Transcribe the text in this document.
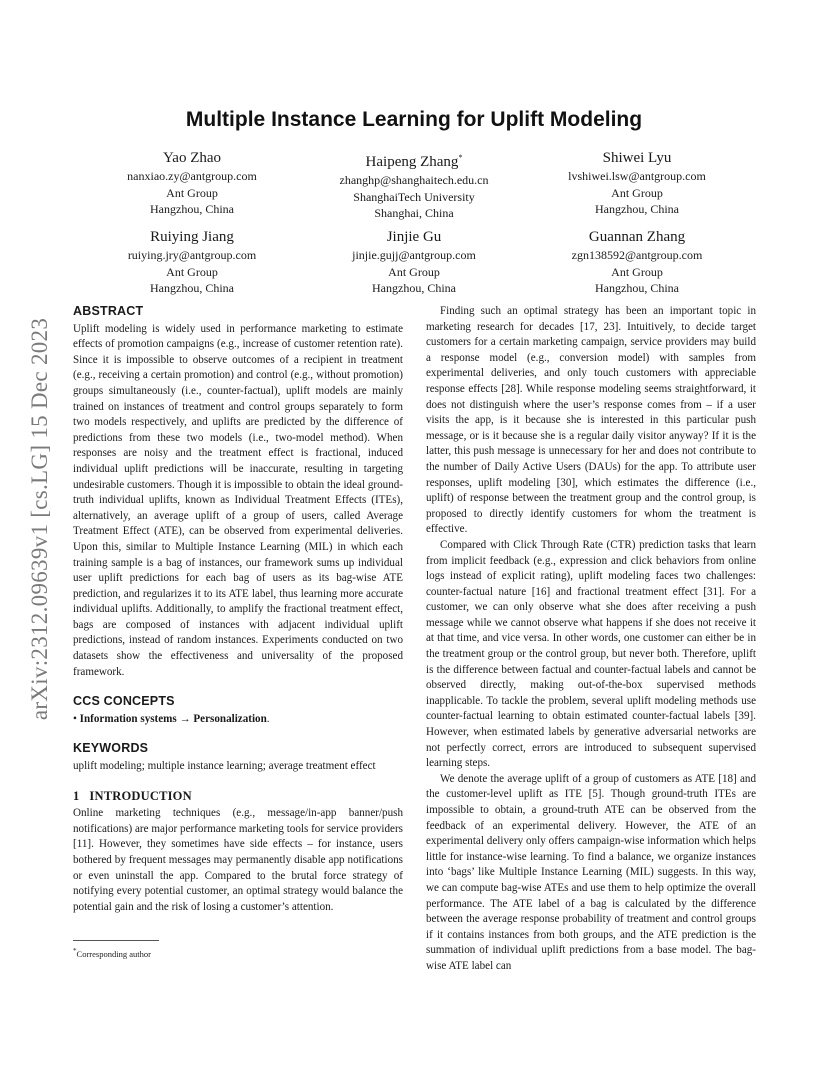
arXiv:2312.09639v1 [cs.LG] 15 Dec 2023
Multiple Instance Learning for Uplift Modeling
Yao Zhao
nanxiao.zy@antgroup.com
Ant Group
Hangzhou, China
Haipeng Zhang*
zhanghp@shanghaitech.edu.cn
ShanghaiTech University
Shanghai, China
Shiwei Lyu
lvshiwei.lsw@antgroup.com
Ant Group
Hangzhou, China
Ruiying Jiang
ruiying.jry@antgroup.com
Ant Group
Hangzhou, China
Jinjie Gu
jinjie.gujj@antgroup.com
Ant Group
Hangzhou, China
Guannan Zhang
zgn138592@antgroup.com
Ant Group
Hangzhou, China
ABSTRACT

Uplift modeling is widely used in performance marketing to estimate effects of promotion campaigns (e.g., increase of customer retention rate). Since it is impossible to observe outcomes of a recipient in treatment (e.g., receiving a certain promotion) and control (e.g., without promotion) groups simultaneously (i.e., counter-factual), uplift models are mainly trained on instances of treatment and control groups separately to form two models respectively, and uplifts are predicted by the difference of predictions from these two models (i.e., two-model method). When responses are noisy and the treatment effect is fractional, induced individual uplift predictions will be inaccurate, resulting in targeting undesirable customers. Though it is impossible to obtain the ideal ground-truth individual uplifts, known as Individual Treatment Effects (ITEs), alternatively, an average uplift of a group of users, called Average Treatment Effect (ATE), can be observed from experimental deliveries. Upon this, similar to Multiple Instance Learning (MIL) in which each training sample is a bag of instances, our framework sums up individual user uplift predictions for each bag of users as its bag-wise ATE prediction, and regularizes it to its ATE label, thus learning more accurate individual uplifts. Additionally, to amplify the fractional treatment effect, bags are composed of instances with adjacent individual uplift predictions, instead of random instances. Experiments conducted on two datasets show the effectiveness and universality of the proposed framework.

CCS CONCEPTS

• Information systems → Personalization.

KEYWORDS

uplift modeling; multiple instance learning; average treatment effect

1   INTRODUCTION

Online marketing techniques (e.g., message/in-app banner/push notifications) are major performance marketing tools for service providers [11]. However, they sometimes have side effects – for instance, users bothered by frequent messages may permanently disable app notifications or even uninstall the app. Compared to the brutal force strategy of notifying every potential customer, an optimal strategy would balance the potential gain and the risk of losing a customer’s attention.

Finding such an optimal strategy has been an important topic in marketing research for decades [17, 23]. Intuitively, to decide target customers for a certain marketing campaign, service providers may build a response model (e.g., conversion model) with samples from experimental deliveries, and only touch customers with appreciable response effects [28]. While response modeling seems straightforward, it does not distinguish where the user’s response comes from – if a user visits the app, is it because she is interested in this particular push message, or is it because she is a regular daily visitor anyway? If it is the latter, this push message is unnecessary for her and does not contribute to the number of Daily Active Users (DAUs) for the app. To attribute user responses, uplift modeling [30], which estimates the difference (i.e., uplift) of response between the treatment group and the control group, is proposed to directly identify customers for whom the treatment is effective.

Compared with Click Through Rate (CTR) prediction tasks that learn from implicit feedback (e.g., expression and click behaviors from online logs instead of explicit rating), uplift modeling faces two challenges: counter-factual nature [16] and fractional treatment effect [31]. For a customer, we can only observe what she does after receiving a push message while we cannot observe what happens if she does not receive it at that time, and vice versa. In other words, one customer can either be in the treatment group or the control group, but never both. Therefore, uplift is the difference between factual and counter-factual labels and cannot be observed directly, making out-of-the-box supervised methods inapplicable. To tackle the problem, several uplift modeling methods use counter-factual learning to obtain estimated counter-factual labels [39]. However, when estimated labels by generative adversarial networks are not perfectly correct, errors are introduced to subsequent supervised learning steps.

We denote the average uplift of a group of customers as ATE [18] and the customer-level uplift as ITE [5]. Though ground-truth ITEs are impossible to obtain, a ground-truth ATE can be observed from the feedback of an experimental delivery. However, the ATE of an experimental delivery only offers campaign-wise information which helps little for instance-wise learning. To find a balance, we organize instances into ‘bags’ like Multiple Instance Learning (MIL) suggests. In this way, we can compute bag-wise ATEs and use them to help optimize the overall performance. The ATE label of a bag is calculated by the difference between the average response probability of treatment and control groups if it contains instances from both groups, and the ATE prediction is the summation of individual uplift predictions from a base model. The bag-wise ATE label can

*Corresponding author
